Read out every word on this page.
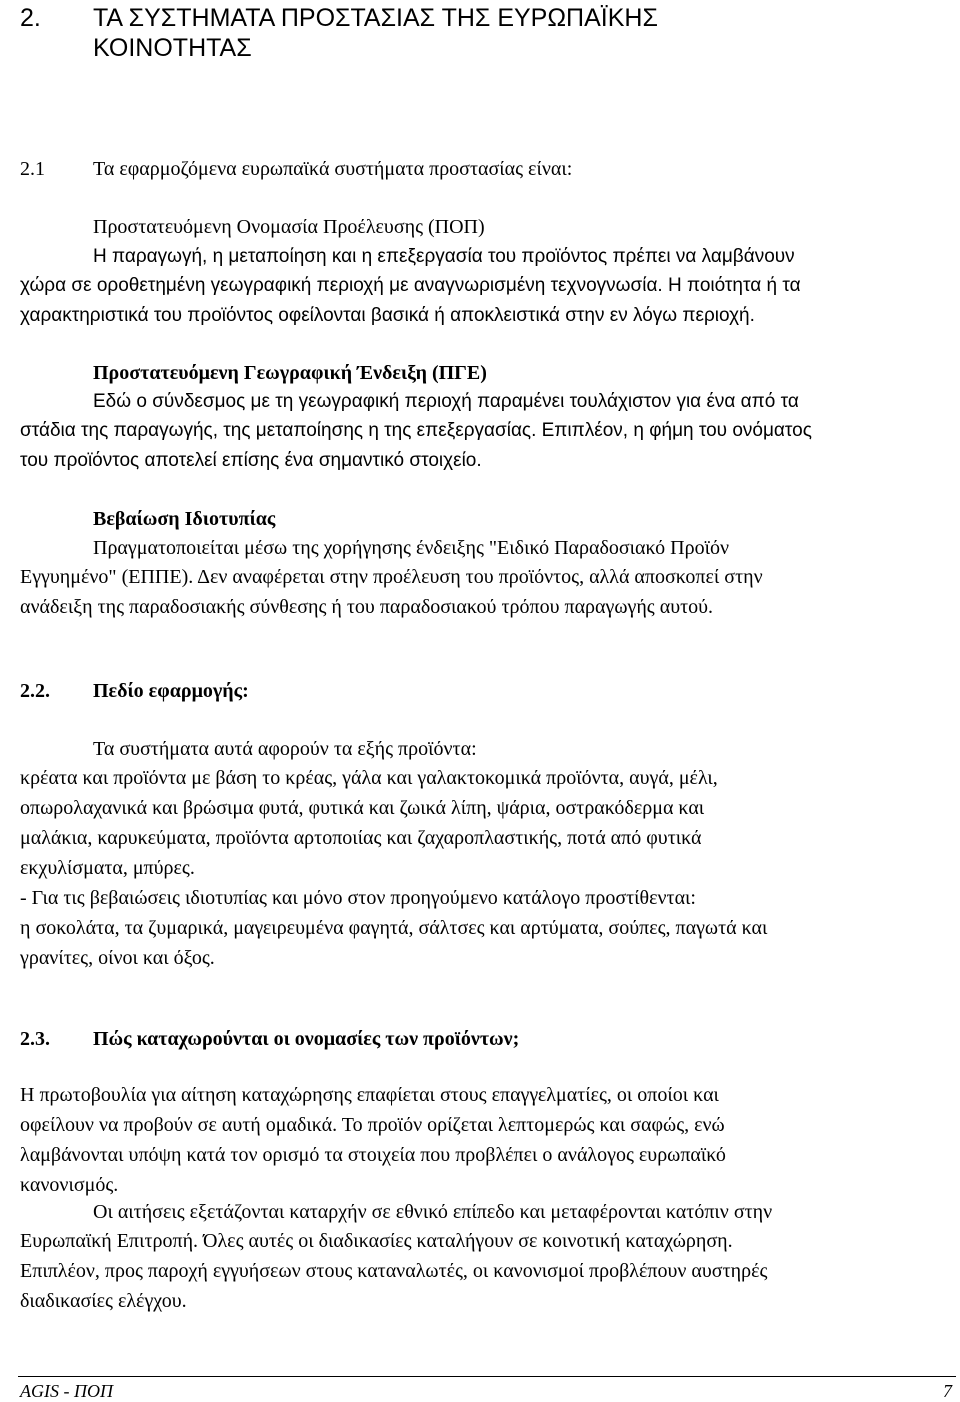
2. ΤΑ ΣΥΣΤΗΜΑΤΑ ΠΡΟΣΤΑΣΙΑΣ ΤΗΣ ΕΥΡΩΠΑΪΚΗΣ
ΚΟΙΝΟΤΗΤΑΣ
2.1 Τα εφαρμοζόμενα ευρωπαϊκά συστήματα προστασίας είναι:
Προστατευόμενη Ονομασία Προέλευσης (ΠΟΠ)
Η παραγωγή, η μεταποίηση και η επεξεργασία του προϊόντος πρέπει να λαμβάνουν
χώρα σε οροθετημένη γεωγραφική περιοχή με αναγνωρισμένη τεχνογνωσία. Η ποιότητα ή τα
χαρακτηριστικά του προϊόντος οφείλονται βασικά ή αποκλειστικά στην εν λόγω περιοχή.
Προστατευόμενη Γεωγραφική Ένδειξη (ΠΓΕ)
Εδώ ο σύνδεσμος με τη γεωγραφική περιοχή παραμένει τουλάχιστον για ένα από τα
στάδια της παραγωγής, της μεταποίησης η της επεξεργασίας. Επιπλέον, η φήμη του ονόματος
του προϊόντος αποτελεί επίσης ένα σημαντικό στοιχείο.
Βεβαίωση Ιδιοτυπίας
Πραγματοποιείται μέσω της χορήγησης ένδειξης "Ειδικό Παραδοσιακό Προϊόν
Εγγυημένο" (ΕΠΠΕ). Δεν αναφέρεται στην προέλευση του προϊόντος, αλλά αποσκοπεί στην
ανάδειξη της παραδοσιακής σύνθεσης ή του παραδοσιακού τρόπου παραγωγής αυτού.
2.2. Πεδίο εφαρμογής:
Τα συστήματα αυτά αφορούν τα εξής προϊόντα:
κρέατα και προϊόντα με βάση το κρέας, γάλα και γαλακτοκομικά προϊόντα, αυγά, μέλι,
οπωρολαχανικά και βρώσιμα φυτά, φυτικά και ζωικά λίπη, ψάρια, οστρακόδερμα και
μαλάκια, καρυκεύματα, προϊόντα αρτοποιίας και ζαχαροπλαστικής, ποτά από φυτικά
εκχυλίσματα, μπύρες.
- Για τις βεβαιώσεις ιδιοτυπίας και μόνο στον προηγούμενο κατάλογο προστίθενται:
η σοκολάτα, τα ζυμαρικά, μαγειρευμένα φαγητά, σάλτσες και αρτύματα, σούπες, παγωτά και
γρανίτες, οίνοι και όξος.
2.3. Πώς καταχωρούνται οι ονομασίες των προϊόντων;
Η πρωτοβουλία για αίτηση καταχώρησης επαφίεται στους επαγγελματίες, οι οποίοι και
οφείλουν να προβούν σε αυτή ομαδικά. Το προϊόν ορίζεται λεπτομερώς και σαφώς, ενώ
λαμβάνονται υπόψη κατά τον ορισμό τα στοιχεία που προβλέπει ο ανάλογος ευρωπαϊκό
κανονισμός.
Οι αιτήσεις εξετάζονται καταρχήν σε εθνικό επίπεδο και μεταφέρονται κατόπιν στην
Ευρωπαϊκή Επιτροπή. Όλες αυτές οι διαδικασίες καταλήγουν σε κοινοτική καταχώρηση.
Επιπλέον, προς παροχή εγγυήσεων στους καταναλωτές, οι κανονισμοί προβλέπουν αυστηρές
διαδικασίες ελέγχου.
AGIS - ΠΟΠ	7
